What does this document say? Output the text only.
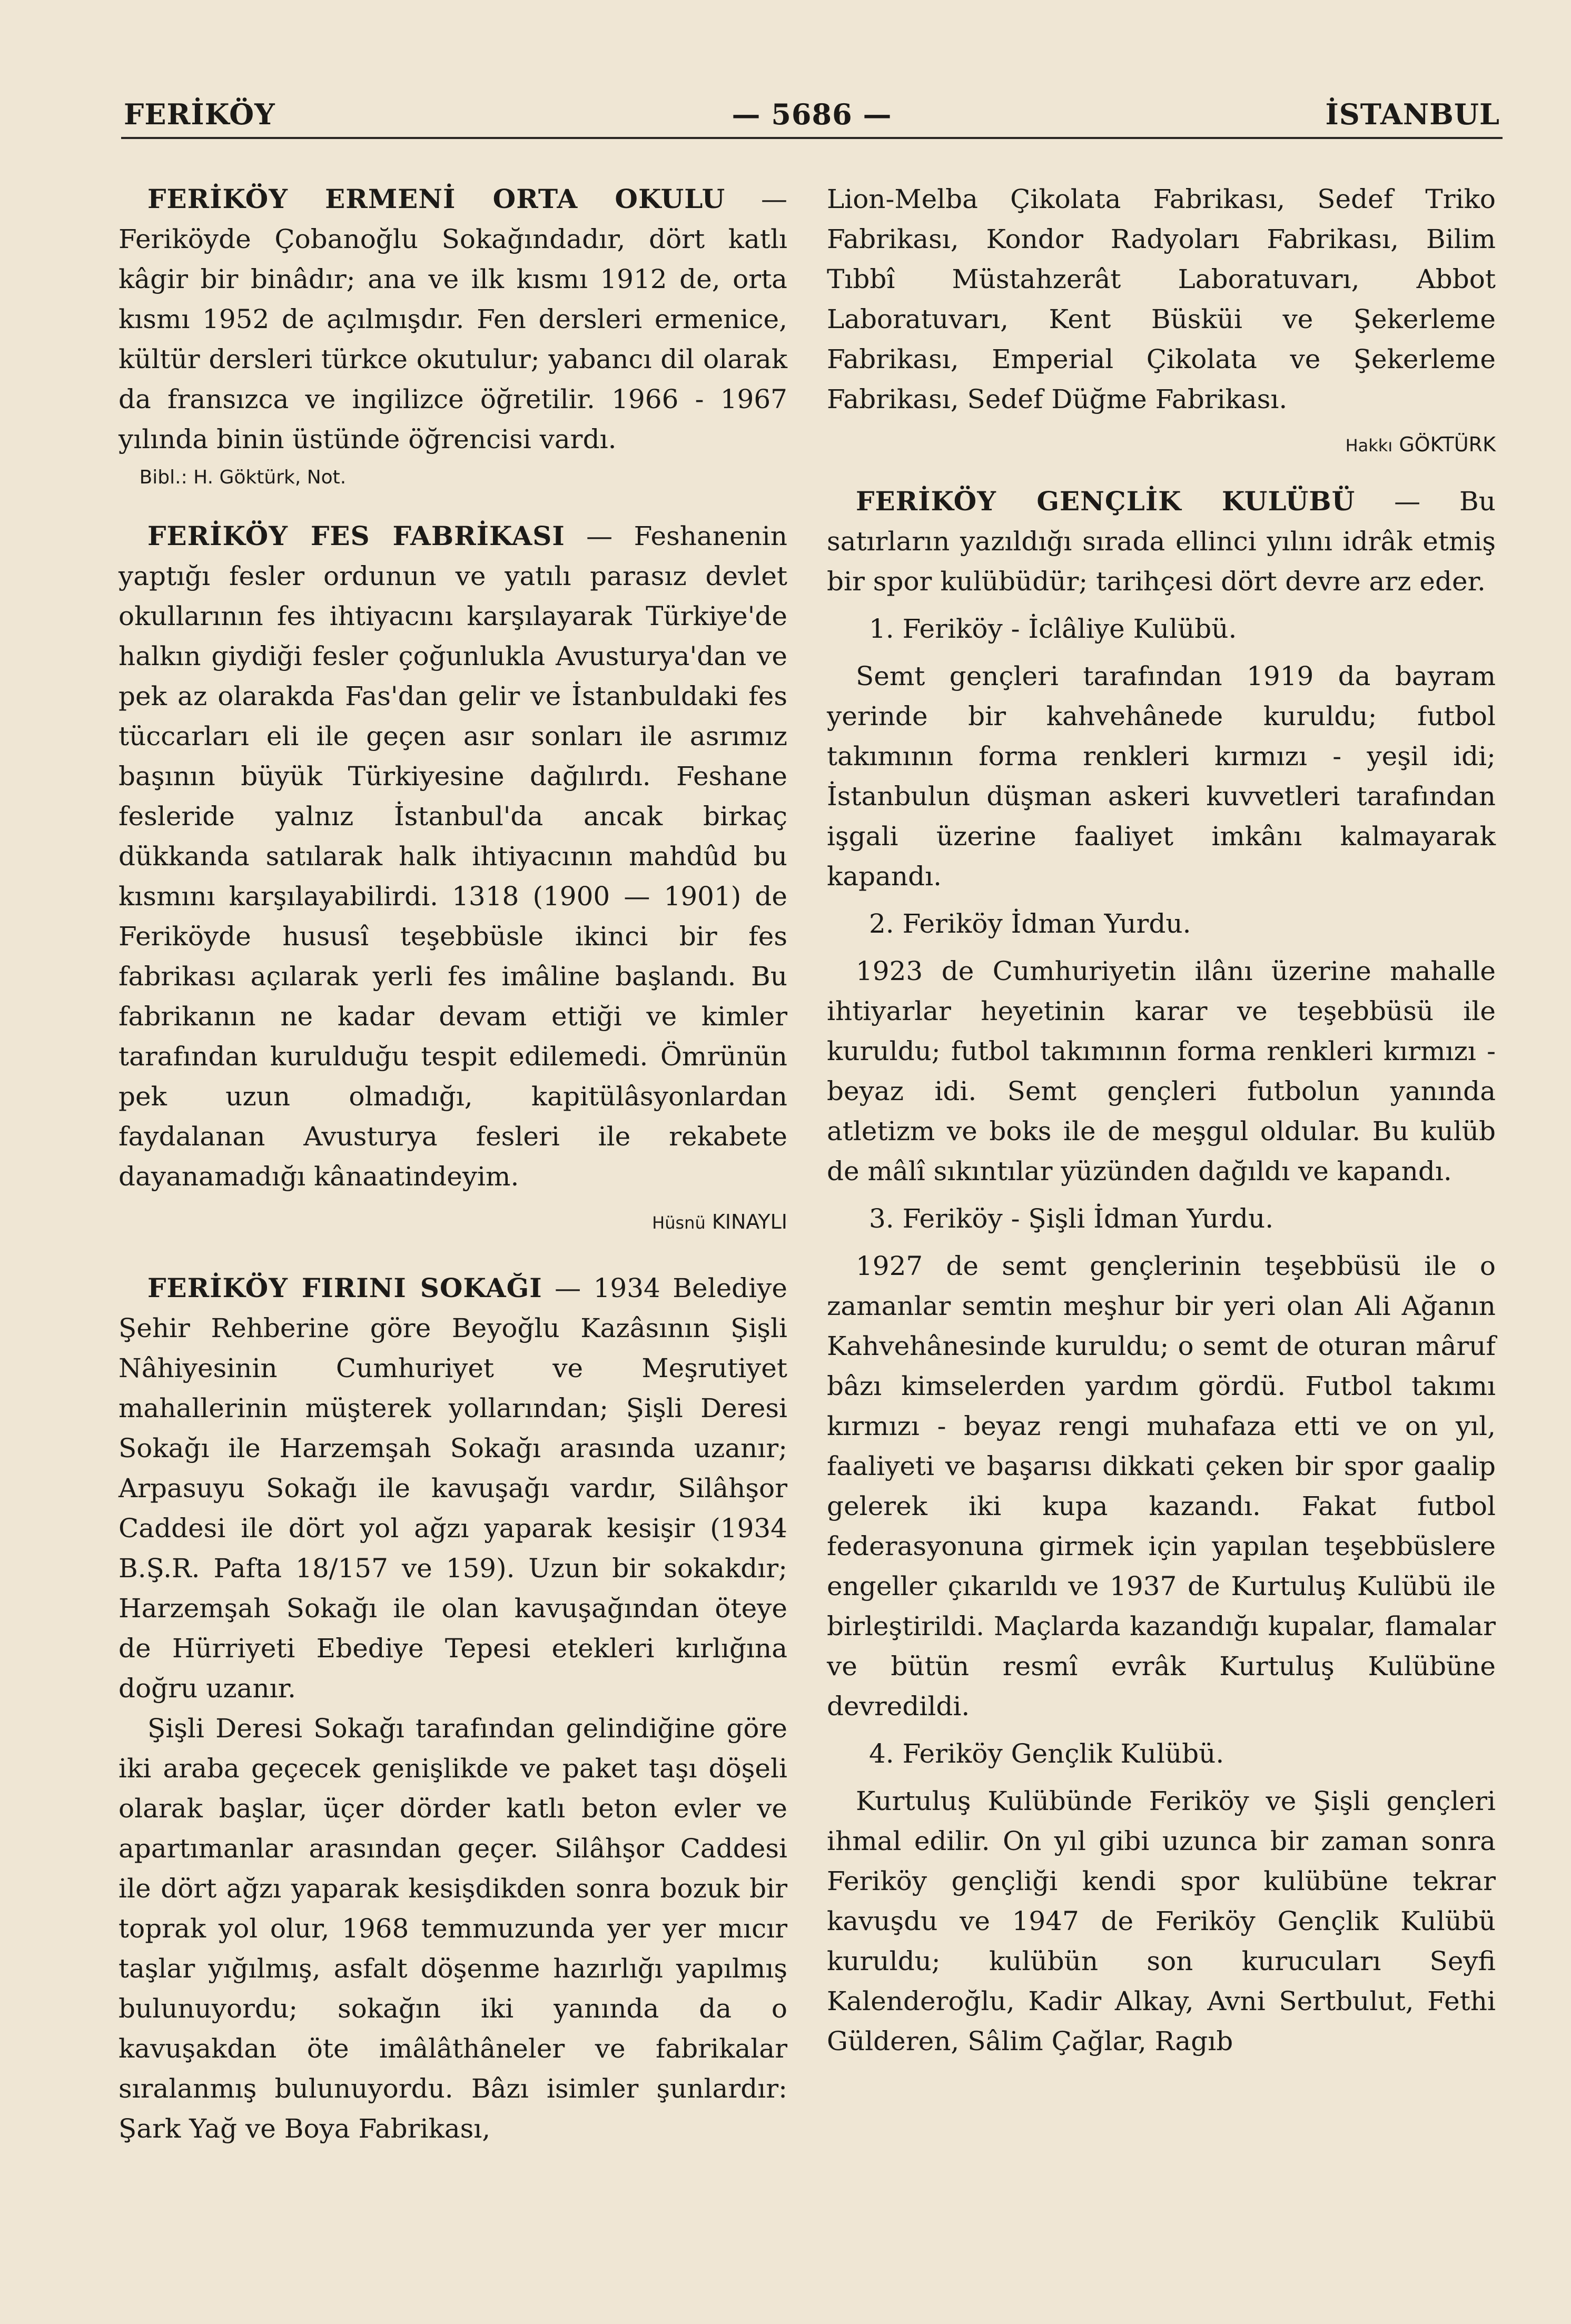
— 5686 —
FERİKÖY	İSTANBUL

FERİKÖY ERMENİ ORTA OKULU — Feriköyde Çobanoğlu Sokağındadır, dört katlı kâgir bir binâdır; ana ve ilk kısmı 1912 de, orta kısmı 1952 de açılmışdır. Fen dersleri ermenice, kültür dersleri türkce okutulur; yabancı dil olarak da fransızca ve ingilizce öğretilir. 1966 - 1967 yılında binin üstünde öğrencisi vardı.

Bibl.: H. Göktürk, Not.

FERİKÖY FES FABRİKASI — Feshanenin yaptığı fesler ordunun ve yatılı parasız devlet okullarının fes ihtiyacını karşılayarak Türkiye'de halkın giydiği fesler çoğunlukla Avusturya'dan ve pek az olarakda Fas'dan gelir ve İstanbuldaki fes tüccarları eli ile geçen asır sonları ile asrımız başının büyük Türkiyesine dağılırdı. Feshane fesleride yalnız İstanbul'da ancak birkaç dükkanda satılarak halk ihtiyacının mahdûd bu kısmını karşılayabilirdi. 1318 (1900 — 1901) de Feriköyde hususî teşebbüsle ikinci bir fes fabrikası açılarak yerli fes imâline başlandı. Bu fabrikanın ne kadar devam ettiği ve kimler tarafından kurulduğu tespit edilemedi. Ömrünün pek uzun olmadığı, kapitülâsyonlardan faydalanan Avusturya fesleri ile rekabete dayanamadığı kânaatindeyim.

Hüsnü KINAYLI

FERİKÖY FIRINI SOKAĞI — 1934 Belediye Şehir Rehberine göre Beyoğlu Kazâsının Şişli Nâhiyesinin Cumhuriyet ve Meşrutiyet mahallerinin müşterek yollarından; Şişli Deresi Sokağı ile Harzemşah Sokağı arasında uzanır; Arpasuyu Sokağı ile kavuşağı vardır, Silâhşor Caddesi ile dört yol ağzı yaparak kesişir (1934 B.Ş.R. Pafta 18/157 ve 159). Uzun bir sokakdır; Harzemşah Sokağı ile olan kavuşağından öteye de Hürriyeti Ebediye Tepesi etekleri kırlığına doğru uzanır.

Şişli Deresi Sokağı tarafından gelindiğine göre iki araba geçecek genişlikde ve paket taşı döşeli olarak başlar, üçer dörder katlı beton evler ve apartımanlar arasından geçer. Silâhşor Caddesi ile dört ağzı yaparak kesişdikden sonra bozuk bir toprak yol olur, 1968 temmuzunda yer yer mıcır taşlar yığılmış, asfalt döşenme hazırlığı yapılmış bulunuyordu; sokağın iki yanında da o kavuşakdan öte imâlâthâneler ve fabrikalar sıralanmış bulunuyordu. Bâzı isimler şunlardır: Şark Yağ ve Boya Fabrikası,

Lion-Melba Çikolata Fabrikası, Sedef Triko Fabrikası, Kondor Radyoları Fabrikası, Bilim Tıbbî Müstahzerât Laboratuvarı, Abbot Laboratuvarı, Kent Büsküi ve Şekerleme Fabrikası, Emperial Çikolata ve Şekerleme Fabrikası, Sedef Düğme Fabrikası.

Hakkı GÖKTÜRK

FERİKÖY GENÇLİK KULÜBÜ — Bu satırların yazıldığı sırada ellinci yılını idrâk etmiş bir spor kulübüdür; tarihçesi dört devre arz eder.

1. Feriköy - İclâliye Kulübü.

Semt gençleri tarafından 1919 da bayram yerinde bir kahvehânede kuruldu; futbol takımının forma renkleri kırmızı - yeşil idi; İstanbulun düşman askeri kuvvetleri tarafından işgali üzerine faaliyet imkânı kalmayarak kapandı.

2. Feriköy İdman Yurdu.

1923 de Cumhuriyetin ilânı üzerine mahalle ihtiyarlar heyetinin karar ve teşebbüsü ile kuruldu; futbol takımının forma renkleri kırmızı - beyaz idi. Semt gençleri futbolun yanında atletizm ve boks ile de meşgul oldular. Bu kulüb de mâlî sıkıntılar yüzünden dağıldı ve kapandı.

3. Feriköy - Şişli İdman Yurdu.

1927 de semt gençlerinin teşebbüsü ile o zamanlar semtin meşhur bir yeri olan Ali Ağanın Kahvehânesinde kuruldu; o semt de oturan mâruf bâzı kimselerden yardım gördü. Futbol takımı kırmızı - beyaz rengi muhafaza etti ve on yıl, faaliyeti ve başarısı dikkati çeken bir spor gaalip gelerek iki kupa kazandı. Fakat futbol federasyonuna girmek için yapılan teşebbüslere engeller çıkarıldı ve 1937 de Kurtuluş Kulübü ile birleştirildi. Maçlarda kazandığı kupalar, flamalar ve bütün resmî evrâk Kurtuluş Kulübüne devredildi.

4. Feriköy Gençlik Kulübü.

Kurtuluş Kulübünde Feriköy ve Şişli gençleri ihmal edilir. On yıl gibi uzunca bir zaman sonra Feriköy gençliği kendi spor kulübüne tekrar kavuşdu ve 1947 de Feriköy Gençlik Kulübü kuruldu; kulübün son kurucuları Seyfi Kalenderoğlu, Kadir Alkay, Avni Sertbulut, Fethi Gülderen, Sâlim Çağlar, Ragıb
